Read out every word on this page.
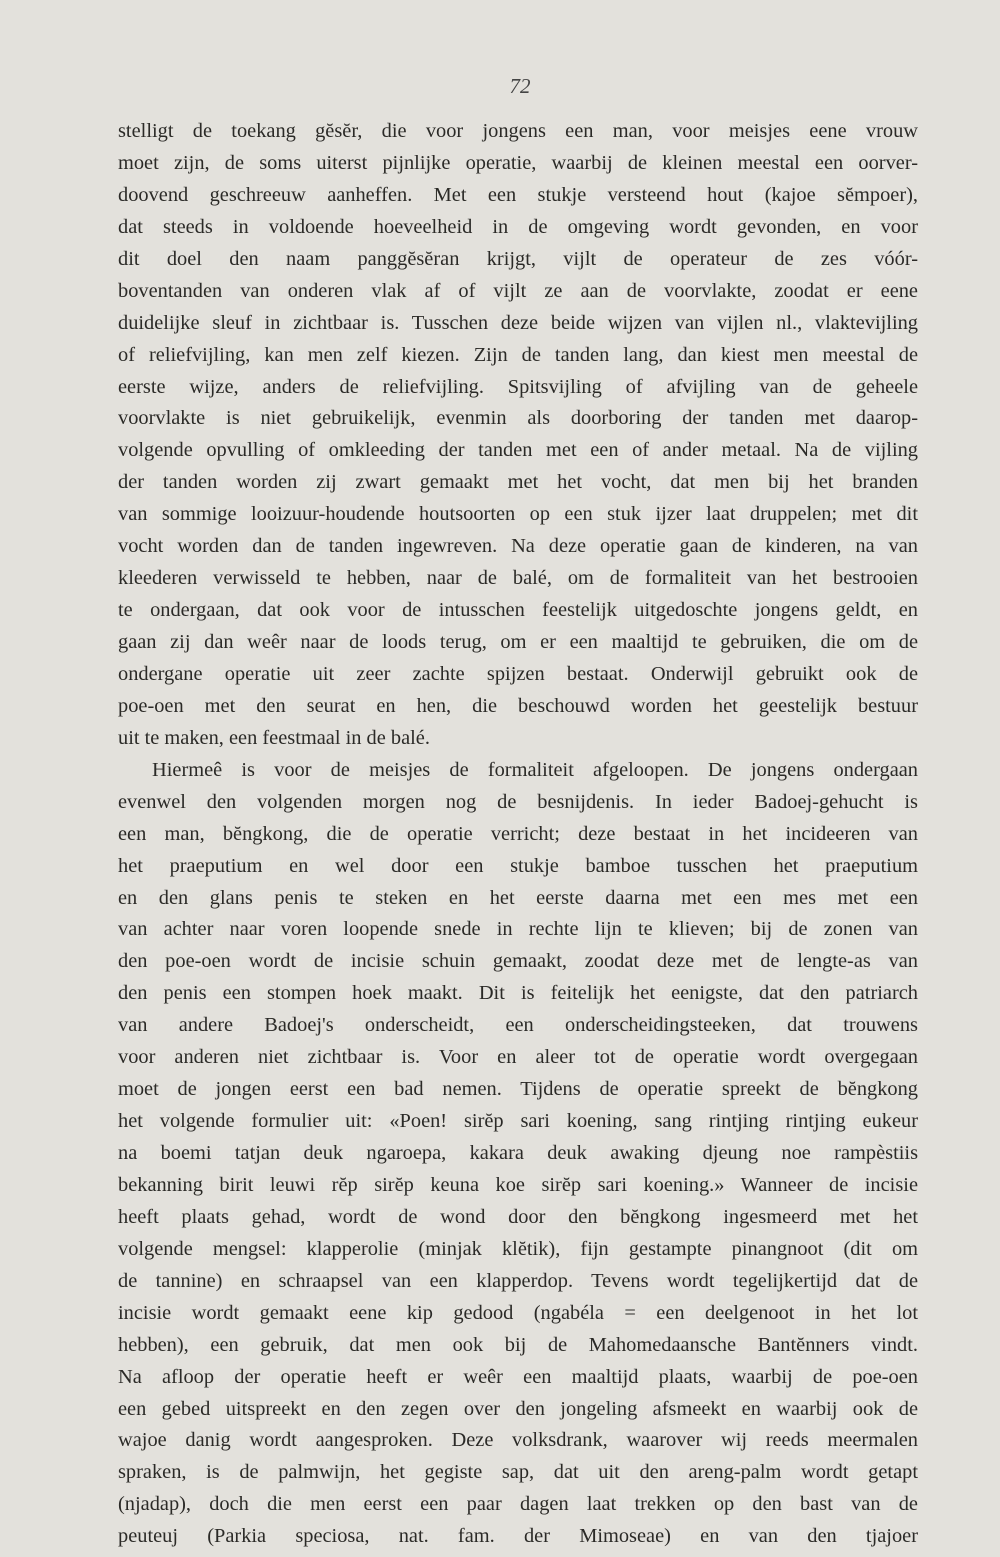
72
stelligt de toekang gĕsĕr, die voor jongens een man, voor meisjes eene vrouw
moet zijn, de soms uiterst pijnlijke operatie, waarbij de kleinen meestal een oorver-
doovend geschreeuw aanheffen. Met een stukje versteend hout (kajoe sĕmpoer),
dat steeds in voldoende hoeveelheid in de omgeving wordt gevonden, en voor
dit doel den naam panggĕsĕran krijgt, vijlt de operateur de zes vóór-
boventanden van onderen vlak af of vijlt ze aan de voorvlakte, zoodat er eene
duidelijke sleuf in zichtbaar is. Tusschen deze beide wijzen van vijlen nl., vlaktevijling
of reliefvijling, kan men zelf kiezen. Zijn de tanden lang, dan kiest men meestal de
eerste wijze, anders de reliefvijling. Spitsvijling of afvijling van de geheele
voorvlakte is niet gebruikelijk, evenmin als doorboring der tanden met daarop-
volgende opvulling of omkleeding der tanden met een of ander metaal. Na de vijling
der tanden worden zij zwart gemaakt met het vocht, dat men bij het branden
van sommige looizuur-houdende houtsoorten op een stuk ijzer laat druppelen; met dit
vocht worden dan de tanden ingewreven. Na deze operatie gaan de kinderen, na van
kleederen verwisseld te hebben, naar de balé, om de formaliteit van het bestrooien
te ondergaan, dat ook voor de intusschen feestelijk uitgedoschte jongens geldt, en
gaan zij dan weêr naar de loods terug, om er een maaltijd te gebruiken, die om de
ondergane operatie uit zeer zachte spijzen bestaat. Onderwijl gebruikt ook de
poe-oen met den seurat en hen, die beschouwd worden het geestelijk bestuur
uit te maken, een feestmaal in de balé.
Hiermeê is voor de meisjes de formaliteit afgeloopen. De jongens ondergaan
evenwel den volgenden morgen nog de besnijdenis. In ieder Badoej-gehucht is
een man, bĕngkong, die de operatie verricht; deze bestaat in het incideeren van
het praeputium en wel door een stukje bamboe tusschen het praeputium
en den glans penis te steken en het eerste daarna met een mes met een
van achter naar voren loopende snede in rechte lijn te klieven; bij de zonen van
den poe-oen wordt de incisie schuin gemaakt, zoodat deze met de lengte-as van
den penis een stompen hoek maakt. Dit is feitelijk het eenigste, dat den patriarch
van andere Badoej's onderscheidt, een onderscheidingsteeken, dat trouwens
voor anderen niet zichtbaar is. Voor en aleer tot de operatie wordt overgegaan
moet de jongen eerst een bad nemen. Tijdens de operatie spreekt de bĕngkong
het volgende formulier uit: «Poen! sirĕp sari koening, sang rintjing rintjing eukeur
na boemi tatjan deuk ngaroepa, kakara deuk awaking djeung noe rampèstiis
bekanning birit leuwi rĕp sirĕp keuna koe sirĕp sari koening.» Wanneer de incisie
heeft plaats gehad, wordt de wond door den bĕngkong ingesmeerd met het
volgende mengsel: klapperolie (minjak klĕtik), fijn gestampte pinangnoot (dit om
de tannine) en schraapsel van een klapperdop. Tevens wordt tegelijkertijd dat de
incisie wordt gemaakt eene kip gedood (ngabéla = een deelgenoot in het lot
hebben), een gebruik, dat men ook bij de Mahomedaansche Bantĕnners vindt.
Na afloop der operatie heeft er weêr een maaltijd plaats, waarbij de poe-oen
een gebed uitspreekt en den zegen over den jongeling afsmeekt en waarbij ook de
wajoe danig wordt aangesproken. Deze volksdrank, waarover wij reeds meermalen
spraken, is de palmwijn, het gegiste sap, dat uit den areng-palm wordt getapt
(njadap), doch die men eerst een paar dagen laat trekken op den bast van de
peuteuj (Parkia speciosa, nat. fam. der Mimoseae) en van den tjajoer
